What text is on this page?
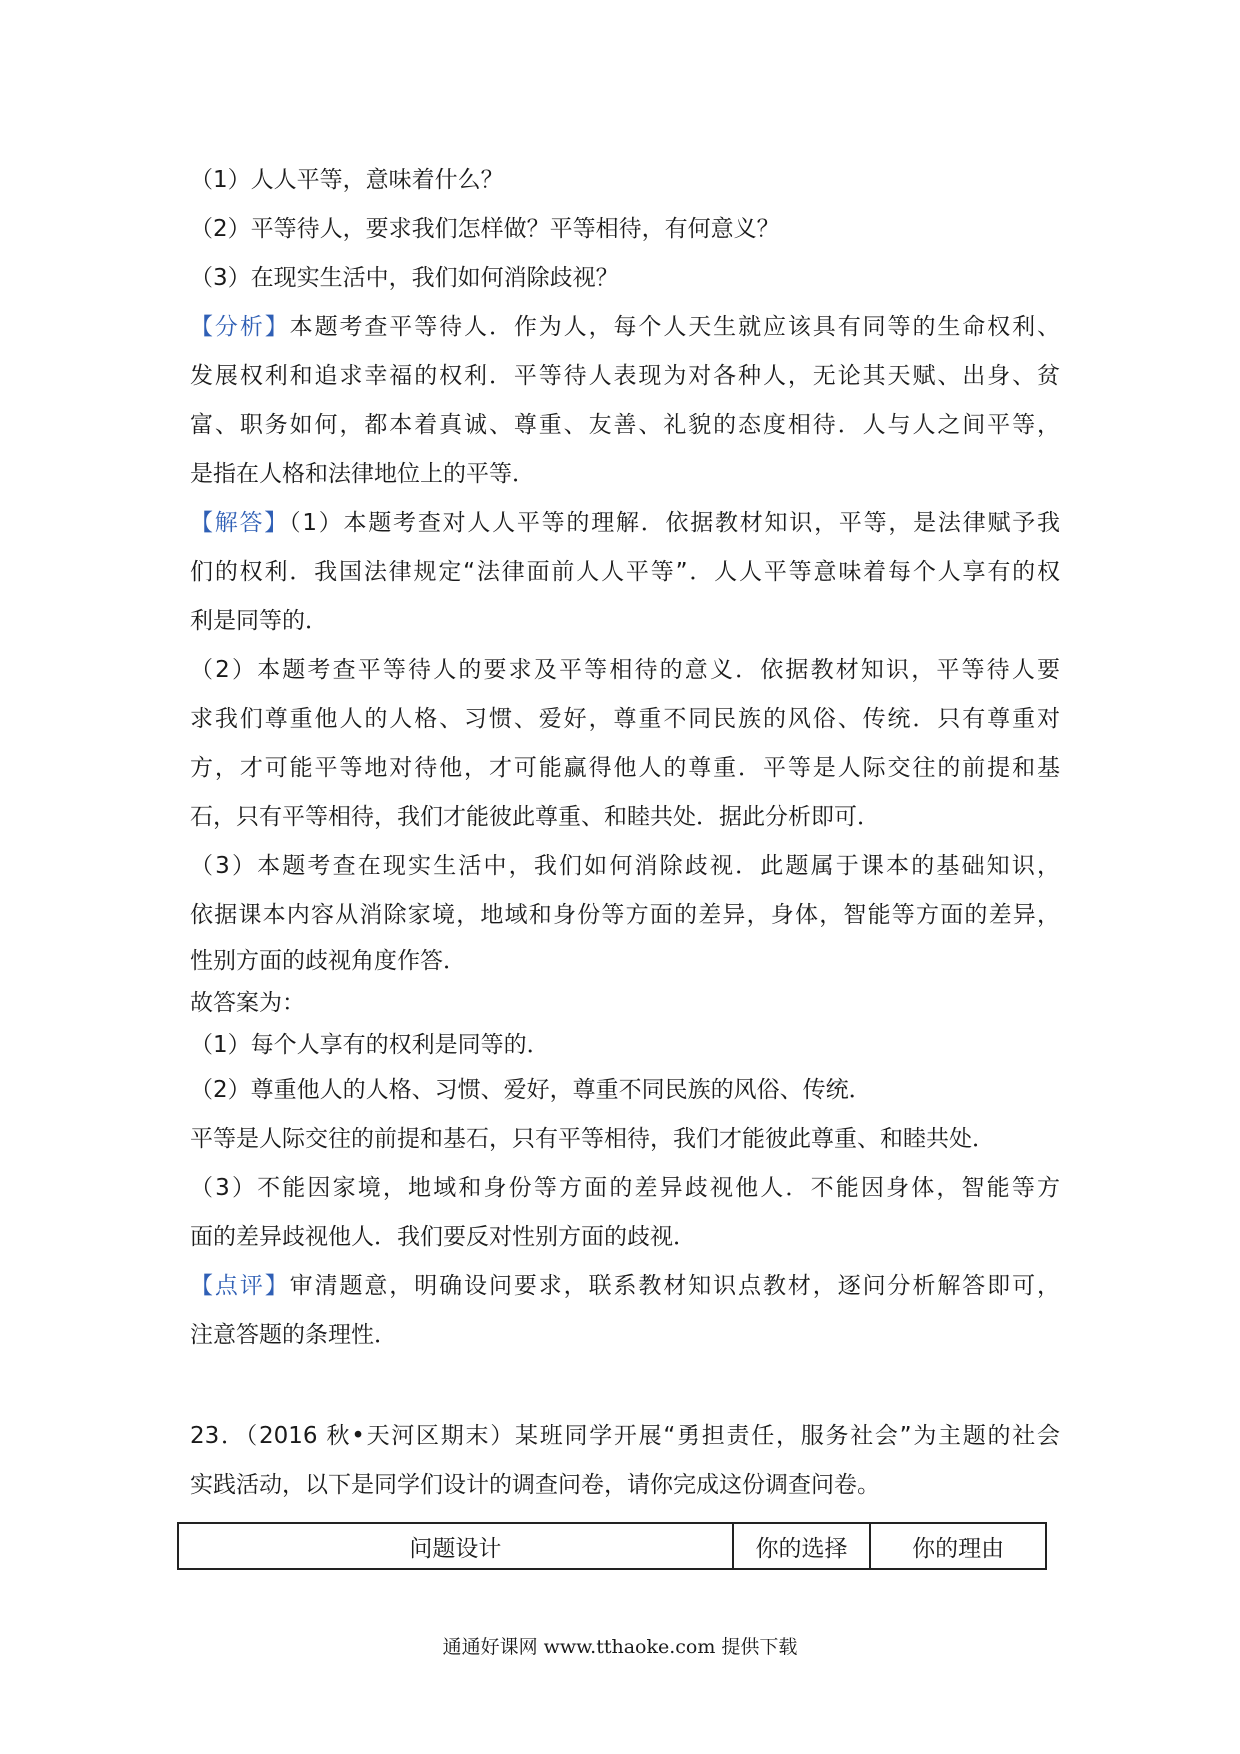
（1）人人平等，意味着什么？
（2）平等待人，要求我们怎样做？平等相待，有何意义？
（3）在现实生活中，我们如何消除歧视？
【分析】本题考查平等待人．作为人，每个人天生就应该具有同等的生命权利、
发展权利和追求幸福的权利．平等待人表现为对各种人，无论其天赋、出身、贫
富、职务如何，都本着真诚、尊重、友善、礼貌的态度相待．人与人之间平等，
是指在人格和法律地位上的平等．
【解答】（1）本题考查对人人平等的理解．依据教材知识，平等，是法律赋予我
们的权利．我国法律规定“法律面前人人平等”．人人平等意味着每个人享有的权
利是同等的．
（2）本题考查平等待人的要求及平等相待的意义．依据教材知识，平等待人要
求我们尊重他人的人格、习惯、爱好，尊重不同民族的风俗、传统．只有尊重对
方，才可能平等地对待他，才可能赢得他人的尊重．平等是人际交往的前提和基
石，只有平等相待，我们才能彼此尊重、和睦共处．据此分析即可．
（3）本题考查在现实生活中，我们如何消除歧视．此题属于课本的基础知识，
依据课本内容从消除家境，地域和身份等方面的差异，身体，智能等方面的差异，
性别方面的歧视角度作答．
故答案为：
（1）每个人享有的权利是同等的．
（2）尊重他人的人格、习惯、爱好，尊重不同民族的风俗、传统．
平等是人际交往的前提和基石，只有平等相待，我们才能彼此尊重、和睦共处．
（3）不能因家境，地域和身份等方面的差异歧视他人．不能因身体，智能等方
面的差异歧视他人．我们要反对性别方面的歧视．
【点评】审清题意，明确设问要求，联系教材知识点教材，逐问分析解答即可，
注意答题的条理性．
23．（2016 秋•天河区期末）某班同学开展“勇担责任，服务社会”为主题的社会
实践活动，以下是同学们设计的调查问卷，请你完成这份调查问卷。
问题设计	你的选择	你的理由
通通好课网 www.tthaoke.com 提供下载
